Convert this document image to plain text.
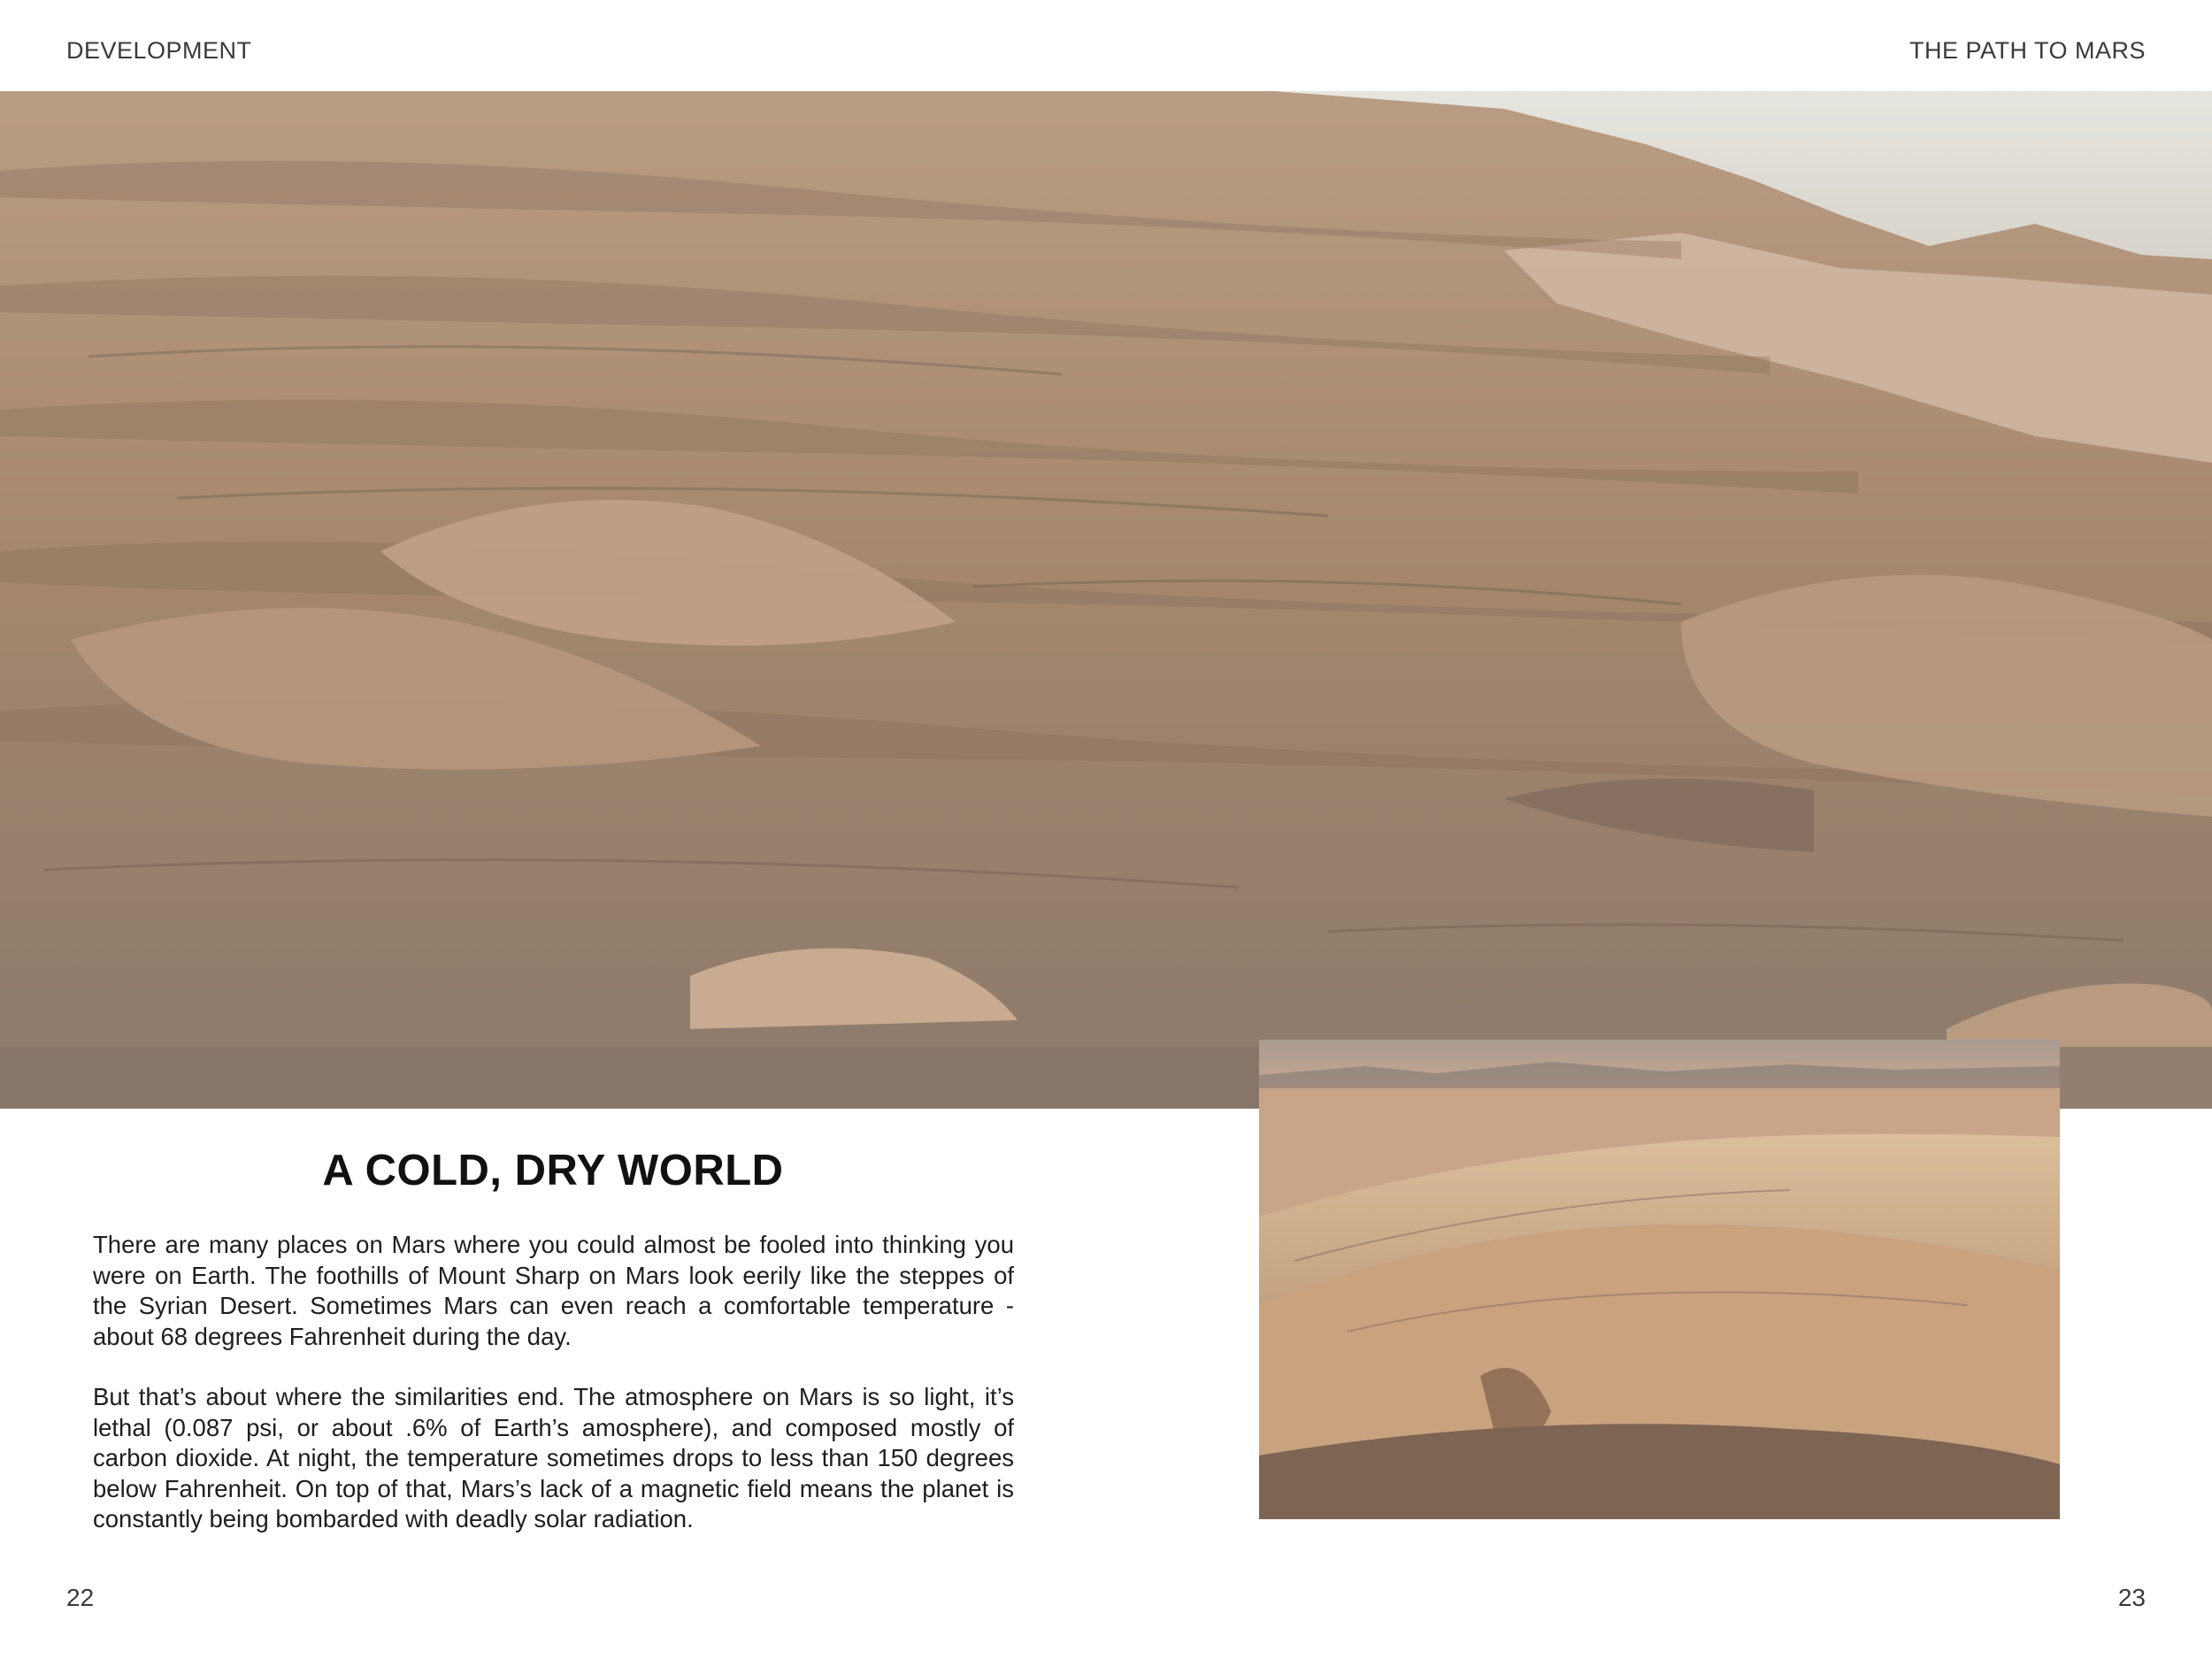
DEVELOPMENT	THE PATH TO MARS
A COLD, DRY WORLD

There are many places on Mars where you could almost be fooled into thinking you were on Earth. The foothills of Mount Sharp on Mars look eerily like the steppes of the Syrian Desert. Sometimes Mars can even reach a comfortable temperature - about 68 degrees Fahrenheit during the day.

But that’s about where the similarities end. The atmosphere on Mars is so light, it’s lethal (0.087 psi, or about .6% of Earth’s amosphere), and composed mostly of carbon dioxide. At night, the temperature sometimes drops to less than 150 degrees below Fahrenheit. On top of that, Mars’s lack of a magnetic field means the planet is constantly being bombarded with deadly solar radiation.

22	23
